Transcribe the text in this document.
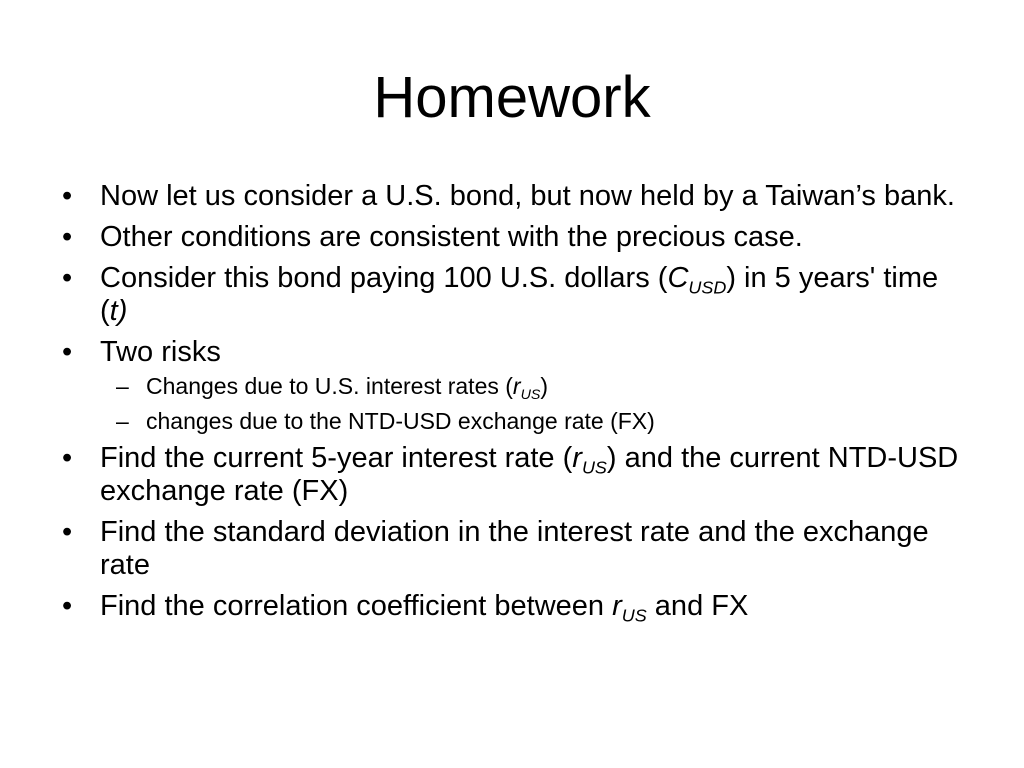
Homework
• Now let us consider a U.S. bond, but now held by a Taiwan’s bank.
• Other conditions are consistent with the precious case.
• Consider this bond paying 100 U.S. dollars $(C_{USD})$ in 5 years' time (t)
• Two risks
– Changes due to U.S. interest rates $(r_{US})$
– changes due to the NTD-USD exchange rate (FX)
• Find the current 5-year interest rate $(r_{US})$ and the current NTD-USD exchange rate (FX)
• Find the standard deviation in the interest rate and the exchange rate
• Find the correlation coefficient between $r_{US}$ and FX
